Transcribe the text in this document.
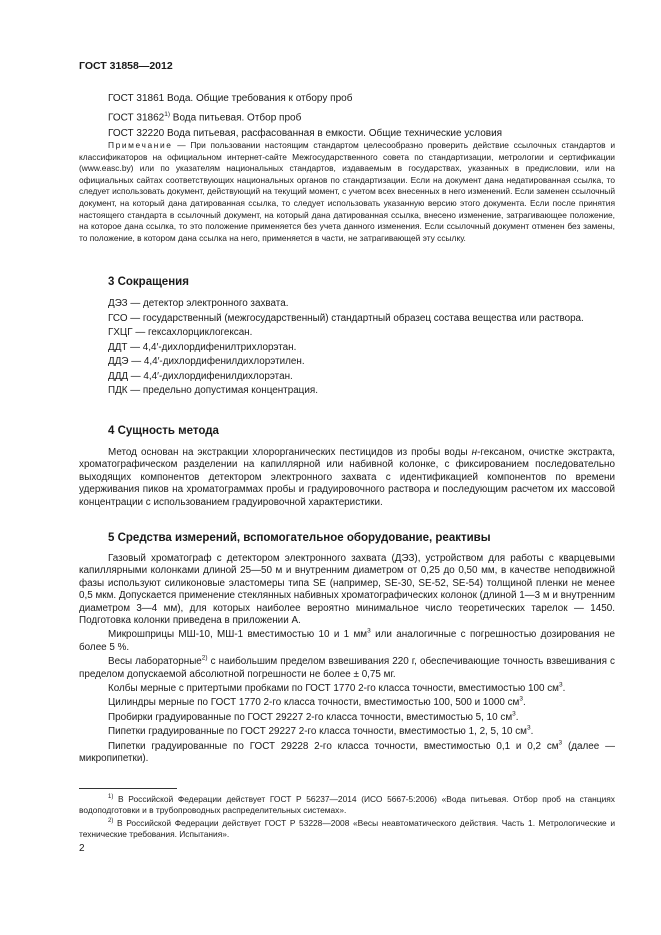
ГОСТ 31858—2012
ГОСТ 31861 Вода. Общие требования к отбору проб
ГОСТ 31862$^{1)}$ Вода питьевая. Отбор проб
ГОСТ 32220 Вода питьевая, расфасованная в емкости. Общие технические условия
Примечание — При пользовании настоящим стандартом целесообразно проверить действие ссылочных стандартов и классификаторов на официальном интернет-сайте Межгосударственного совета по стандартизации, метрологии и сертификации (www.easc.by) или по указателям национальных стандартов, издаваемым в государствах, указанных в предисловии, или на официальных сайтах соответствующих национальных органов по стандартизации. Если на документ дана недатированная ссылка, то следует использовать документ, действующий на текущий момент, с учетом всех внесенных в него изменений. Если заменен ссылочный документ, на который дана датированная ссылка, то следует использовать указанную версию этого документа. Если после принятия настоящего стандарта в ссылочный документ, на который дана датированная ссылка, внесено изменение, затрагивающее положение, на которое дана ссылка, то это положение применяется без учета данного изменения. Если ссылочный документ отменен без замены, то положение, в котором дана ссылка на него, применяется в части, не затрагивающей эту ссылку.
3 Сокращения

ДЭЗ — детектор электронного захвата.

ГСО — государственный (межгосударственный) стандартный образец состава вещества или раствора.

ГХЦГ — гексахлорциклогексан.

ДДТ — 4,4′-дихлордифенилтрихлорэтан.

ДДЭ — 4,4′-дихлордифенилдихлорэтилен.

ДДД — 4,4′-дихлордифенилдихлорэтан.

ПДК — предельно допустимая концентрация.

4 Сущность метода

Метод основан на экстракции хлорорганических пестицидов из пробы воды н-гексаном, очистке экстракта, хроматографическом разделении на капиллярной или набивной колонке, с фиксированием последовательно выходящих компонентов детектором электронного захвата с идентификацией компонентов по времени удерживания пиков на хроматограммах пробы и градуировочного раствора и последующим расчетом их массовой концентрации с использованием градуировочной характеристики.

5 Средства измерений, вспомогательное оборудование, реактивы

Газовый хроматограф с детектором электронного захвата (ДЭЗ), устройством для работы с кварцевыми капиллярными колонками длиной 25—50 м и внутренним диаметром от 0,25 до 0,50 мм, в качестве неподвижной фазы используют силиконовые эластомеры типа SE (например, SE-30, SE-52, SE-54) толщиной пленки не менее 0,5 мкм. Допускается применение стеклянных набивных хроматографических колонок (длиной 1—3 м и внутренним диаметром 3—4 мм), для которых наиболее вероятно минимальное число теоретических тарелок — 1450. Подготовка колонки приведена в приложении А.

Микрошприцы МШ-10, МШ-1 вместимостью 10 и 1 $мм^3$ или аналогичные с погрешностью дозирования не более 5 %.

Весы лабораторные$^{2)}$ с наибольшим пределом взвешивания 220 г, обеспечивающие точность взвешивания с пределом допускаемой абсолютной погрешности не более ± 0,75 мг.

Колбы мерные с притертыми пробками по ГОСТ 1770 2-го класса точности, вместимостью 100 $см^3$.

Цилиндры мерные по ГОСТ 1770 2-го класса точности, вместимостью 100, 500 и 1000 $см^3$.

Пробирки градуированные по ГОСТ 29227 2-го класса точности, вместимостью 5, 10 $см^3$.

Пипетки градуированные по ГОСТ 29227 2-го класса точности, вместимостью 1, 2, 5, 10 $см^3$.

Пипетки градуированные по ГОСТ 29228 2-го класса точности, вместимостью 0,1 и 0,2 $см^3$ (далее — микропипетки).

$^{1)}$ В Российской Федерации действует ГОСТ Р 56237—2014 (ИСО 5667-5:2006) «Вода питьевая. Отбор проб на станциях водоподготовки и в трубопроводных распределительных системах».

$^{2)}$ В Российской Федерации действует ГОСТ Р 53228—2008 «Весы неавтоматического действия. Часть 1. Метрологические и технические требования. Испытания».

2
